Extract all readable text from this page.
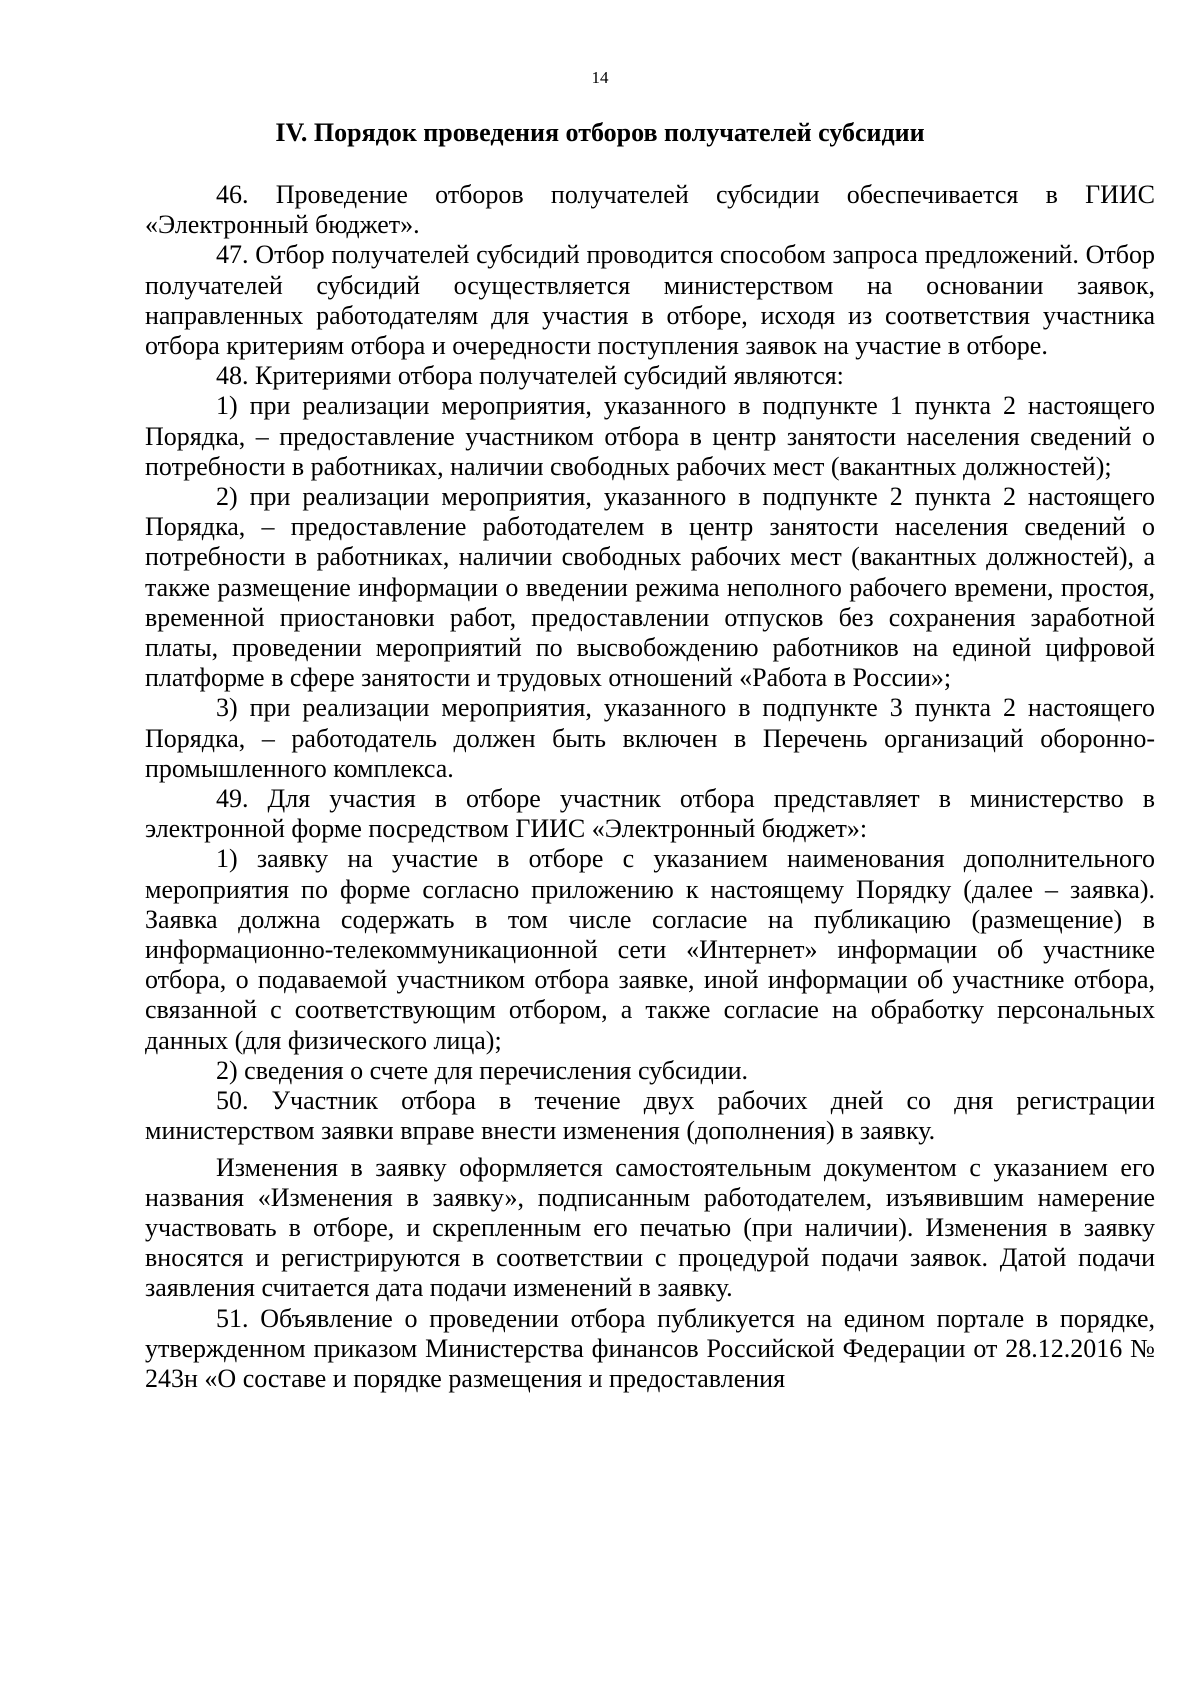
14
IV. Порядок проведения отборов получателей субсидии

46. Проведение отборов получателей субсидии обеспечивается в ГИИС «Электронный бюджет».

47. Отбор получателей субсидий проводится способом запроса предложений. Отбор получателей субсидий осуществляется министерством на основании заявок, направленных работодателям для участия в отборе, исходя из соответствия участника отбора критериям отбора и очередности поступления заявок на участие в отборе.

48. Критериями отбора получателей субсидий являются:

1) при реализации мероприятия, указанного в подпункте 1 пункта 2 настоящего Порядка, – предоставление участником отбора в центр занятости населения сведений о потребности в работниках, наличии свободных рабочих мест (вакантных должностей);

2) при реализации мероприятия, указанного в подпункте 2 пункта 2 настоящего Порядка, – предоставление работодателем в центр занятости населения сведений о потребности в работниках, наличии свободных рабочих мест (вакантных должностей), а также размещение информации о введении режима неполного рабочего времени, простоя, временной приостановки работ, предоставлении отпусков без сохранения заработной платы, проведении мероприятий по высвобождению работников на единой цифровой платформе в сфере занятости и трудовых отношений «Работа в России»;

3) при реализации мероприятия, указанного в подпункте 3 пункта 2 настоящего Порядка, – работодатель должен быть включен в Перечень организаций оборонно-промышленного комплекса.

49. Для участия в отборе участник отбора представляет в министерство в электронной форме посредством ГИИС «Электронный бюджет»:

1) заявку на участие в отборе с указанием наименования дополнительного мероприятия по форме согласно приложению к настоящему Порядку (далее – заявка). Заявка должна содержать в том числе согласие на публикацию (размещение) в информационно-телекоммуникационной сети «Интернет» информации об участнике отбора, о подаваемой участником отбора заявке, иной информации об участнике отбора, связанной с соответствующим отбором, а также согласие на обработку персональных данных (для физического лица);

2) сведения о счете для перечисления субсидии.

50. Участник отбора в течение двух рабочих дней со дня регистрации министерством заявки вправе внести изменения (дополнения) в заявку.

Изменения в заявку оформляется самостоятельным документом с указанием его названия «Изменения в заявку», подписанным работодателем, изъявившим намерение участвовать в отборе, и скрепленным его печатью (при наличии). Изменения в заявку вносятся и регистрируются в соответствии с процедурой подачи заявок. Датой подачи заявления считается дата подачи изменений в заявку.

51. Объявление о проведении отбора публикуется на едином портале в порядке, утвержденном приказом Министерства финансов Российской Федерации от 28.12.2016 № 243н «О составе и порядке размещения и предоставления
